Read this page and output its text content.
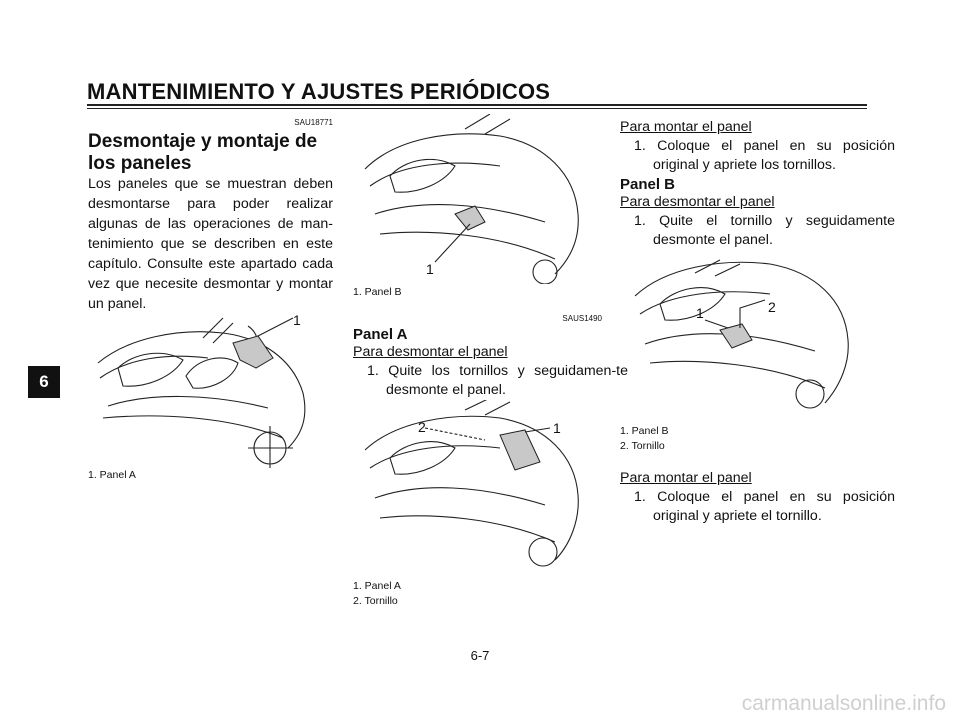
MANTENIMIENTO Y AJUSTES PERIÓDICOS
6
SAU18771
Desmontaje y montaje de los paneles
Los paneles que se muestran deben desmontarse para poder realizar algunas de las operaciones de man-tenimiento que se describen en este capítulo. Consulte este apartado cada vez que necesite desmontar y montar un panel.
1
1. Panel A
1
1. Panel B
SAUS1490
Panel A
Para desmontar el panel
1. Quite los tornillos y seguidamen-te desmonte el panel.
1
2
1. Panel A
2. Tornillo
Para montar el panel
1. Coloque el panel en su posición original y apriete los tornillos.
Panel B
Para desmontar el panel
1. Quite el tornillo y seguidamente desmonte el panel.
1	2
1. Panel B
2. Tornillo
Para montar el panel
1. Coloque el panel en su posición original y apriete el tornillo.
6-7
carmanualsonline.info
